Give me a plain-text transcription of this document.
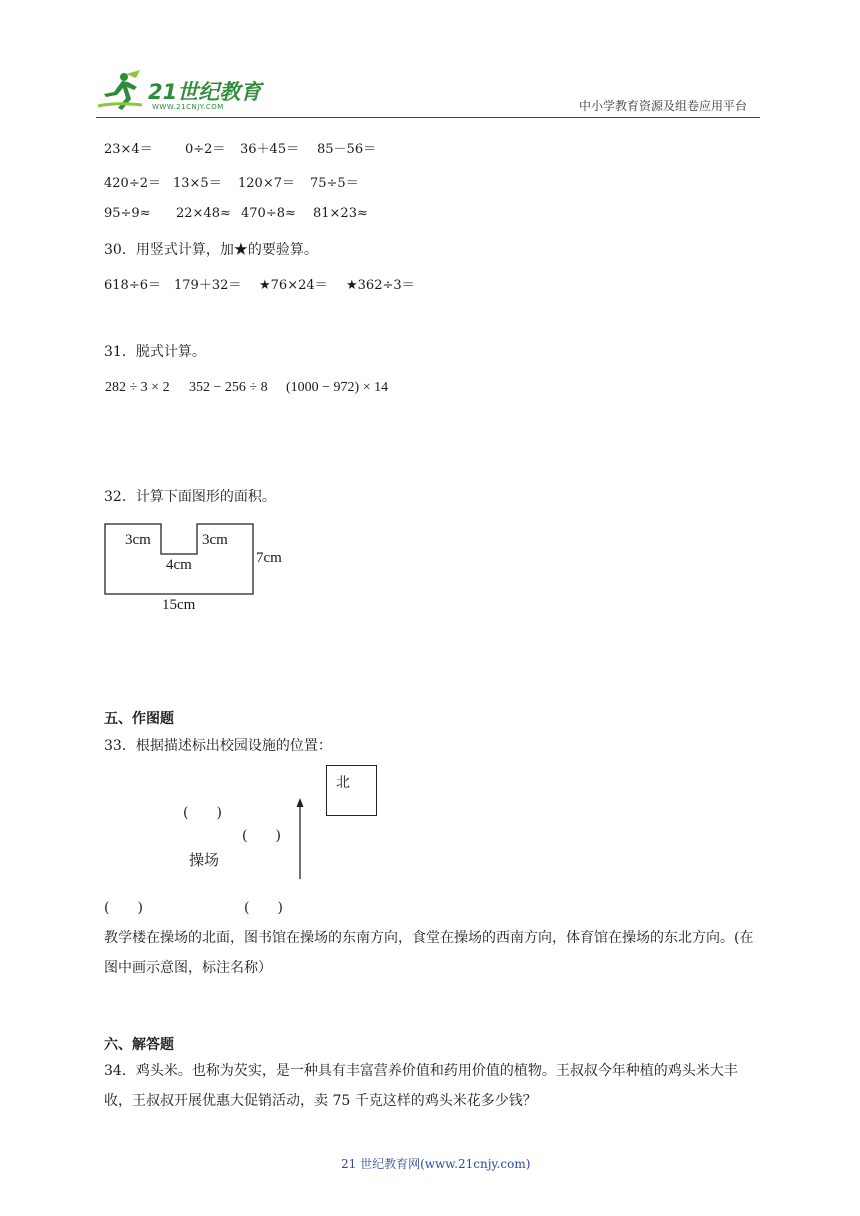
21世纪教育
WWW.21CNJY.COM	中小学教育资源及组卷应用平台
23×4＝ 0÷2＝ 36＋45＝ 85－56＝
420÷2＝ 13×5＝ 120×7＝ 75÷5＝
95÷9≈ 22×48≈ 470÷8≈ 81×23≈
30．用竖式计算，加★的要验算。
618÷6＝ 179＋32＝ ★76×24＝ ★362÷3＝
31．脱式计算。
282 ÷ 3 × 2 352 − 256 ÷ 8 (1000 − 972) × 14
32．计算下面图形的面积。
3cm	3cm
4cm	7cm
15cm
五、作图题
33．根据描述标出校园设施的位置：
北
(　　)
(　　)
操场
(　　)	(　　)
教学楼在操场的北面，图书馆在操场的东南方向，食堂在操场的西南方向，体育馆在操场的东北方向。(在图中画示意图，标注名称）
六、解答题
34．鸡头米。也称为芡实，是一种具有丰富营养价值和药用价值的植物。王叔叔今年种植的鸡头米大丰收，王叔叔开展优惠大促销活动，卖 75 千克这样的鸡头米花多少钱？
21 世纪教育网(www.21cnjy.com)
